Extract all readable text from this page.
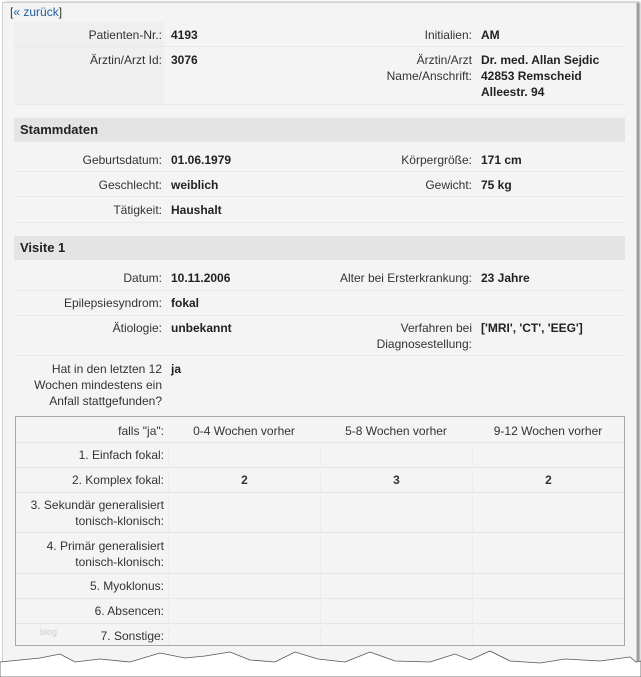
[« zurück]
Patienten-Nr.: 4193	Initialien: AM
Ärztin/Arzt Id: 3076	Ärztin/Arzt
Name/Anschrift:
Dr. med. Allan Sejdic
42853 Remscheid
Alleestr. 94
Stammdaten
Geburtsdatum: 01.06.1979	Körpergröße: 171 cm
Geschlecht: weiblich	Gewicht: 75 kg
Tätigkeit: Haushalt
Visite 1
Datum: 10.11.2006	Alter bei Ersterkrankung: 23 Jahre
Epilepsiesyndrom: fokal
Ätiologie: unbekannt	Verfahren bei
Diagnosestellung:
['MRI', 'CT', 'EEG']
Hat in den letzten 12
Wochen mindestens ein
Anfall stattgefunden?
ja
falls "ja":	0-4 Wochen vorher	5-8 Wochen vorher	9-12 Wochen vorher
1. Einfach fokal:
2. Komplex fokal:	2	3	2
3. Sekundär generalisiert
tonisch-klonisch:
4. Primär generalisiert
tonisch-klonisch:
5. Myoklonus:
6. Absencen:
7. Sonstige:
blog
